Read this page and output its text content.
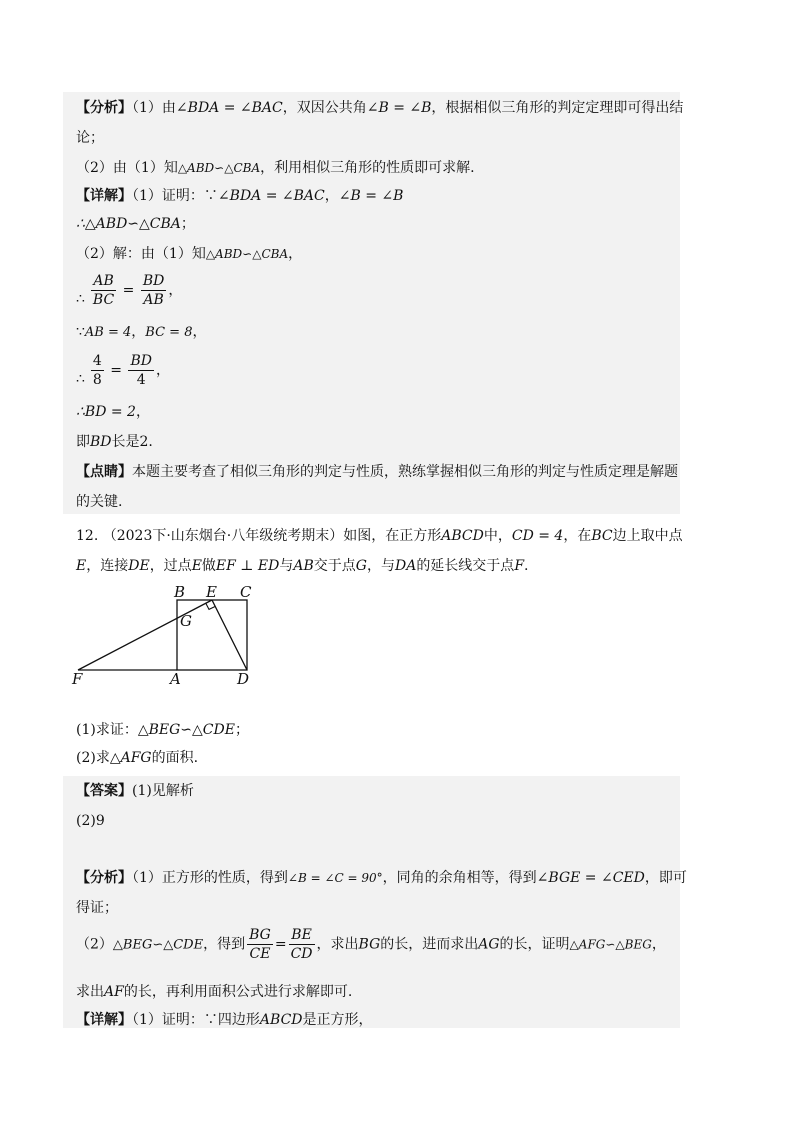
【分析】（1）由∠BDA = ∠BAC，双因公共角∠B = ∠B，根据相似三角形的判定定理即可得出结
论；
（2）由（1）知△ABD∽△CBA，利用相似三角形的性质即可求解.
【详解】（1）证明：∵∠BDA = ∠BAC，∠B = ∠B
∴△ABD∽△CBA；
（2）解：由（1）知△ABD∽△CBA，
∴ $\frac{AB}{BC} = \frac{BD}{AB}$ ，
∵AB = 4，BC = 8，
∴ $\frac{4}{8} = \frac{BD}{4}$ ，
∴BD = 2，
即BD长是2.
【点睛】本题主要考查了相似三角形的判定与性质，熟练掌握相似三角形的判定与性质定理是解题
的关键.
12. （2023下·山东烟台·八年级统考期末）如图，在正方形ABCD中，CD = 4，在BC边上取中点
E，连接DE，过点E做EF ⊥ ED与AB交于点G，与DA的延长线交于点F.
B E C
G
F	A	D
(1)求证：△BEG∽△CDE；
(2)求△AFG的面积.
【答案】(1)见解析
(2)9
【分析】（1）正方形的性质，得到∠B = ∠C = 90°，同角的余角相等，得到∠BGE = ∠CED，即可
得证；
（2）△BEG∽△CDE，得到 $\frac{BG}{CE} = \frac{BE}{CD}$ ，求出BG的长，进而求出AG的长，证明△AFG∽△BEG，
求出AF的长，再利用面积公式进行求解即可.
【详解】（1）证明：∵四边形ABCD是正方形，
